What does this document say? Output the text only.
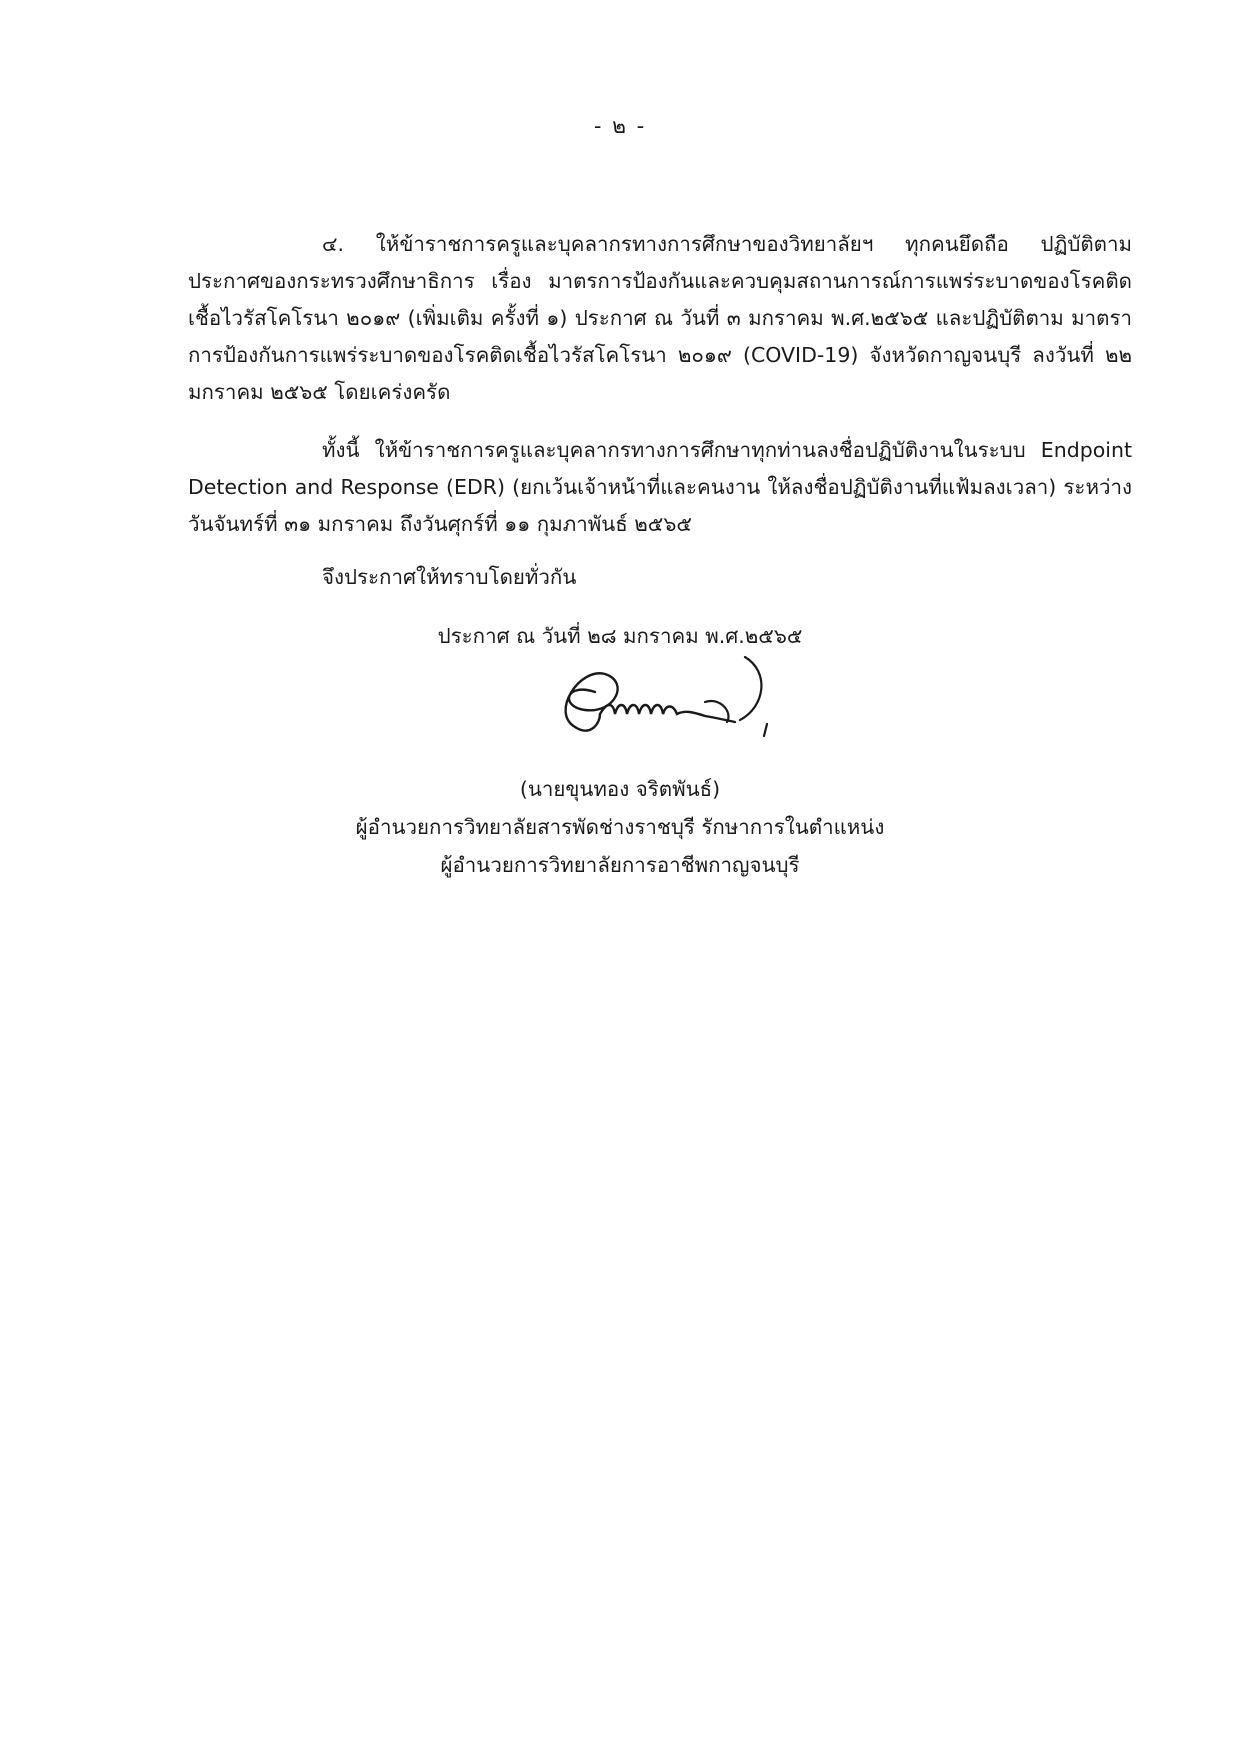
- ๒ -

๔. ให้ข้าราชการครูและบุคลากรทางการศึกษาของวิทยาลัยฯ ทุกคนยึดถือ ปฏิบัติตาม ประกาศของกระทรวงศึกษาธิการ เรื่อง มาตรการป้องกันและควบคุมสถานการณ์การแพร่ระบาดของโรคติดเชื้อไวรัสโคโรนา ๒๐๑๙ (เพิ่มเติม ครั้งที่ ๑) ประกาศ ณ วันที่ ๓ มกราคม พ.ศ.๒๕๖๕ และปฏิบัติตาม มาตราการป้องกันการแพร่ระบาดของโรคติดเชื้อไวรัสโคโรนา ๒๐๑๙ (COVID-19) จังหวัดกาญจนบุรี ลงวันที่ ๒๒ มกราคม ๒๕๖๕ โดยเคร่งครัด

ทั้งนี้ ให้ข้าราชการครูและบุคลากรทางการศึกษาทุกท่านลงชื่อปฏิบัติงานในระบบ Endpoint Detection and Response (EDR) (ยกเว้นเจ้าหน้าที่และคนงาน ให้ลงชื่อปฏิบัติงานที่แฟ้มลงเวลา) ระหว่าง วันจันทร์ที่ ๓๑ มกราคม ถึงวันศุกร์ที่ ๑๑ กุมภาพันธ์ ๒๕๖๕

จึงประกาศให้ทราบโดยทั่วกัน

ประกาศ ณ วันที่ ๒๘ มกราคม พ.ศ.๒๕๖๕

(นายขุนทอง จริตพันธ์)
ผู้อำนวยการวิทยาลัยสารพัดช่างราชบุรี รักษาการในตำแหน่ง
ผู้อำนวยการวิทยาลัยการอาชีพกาญจนบุรี
